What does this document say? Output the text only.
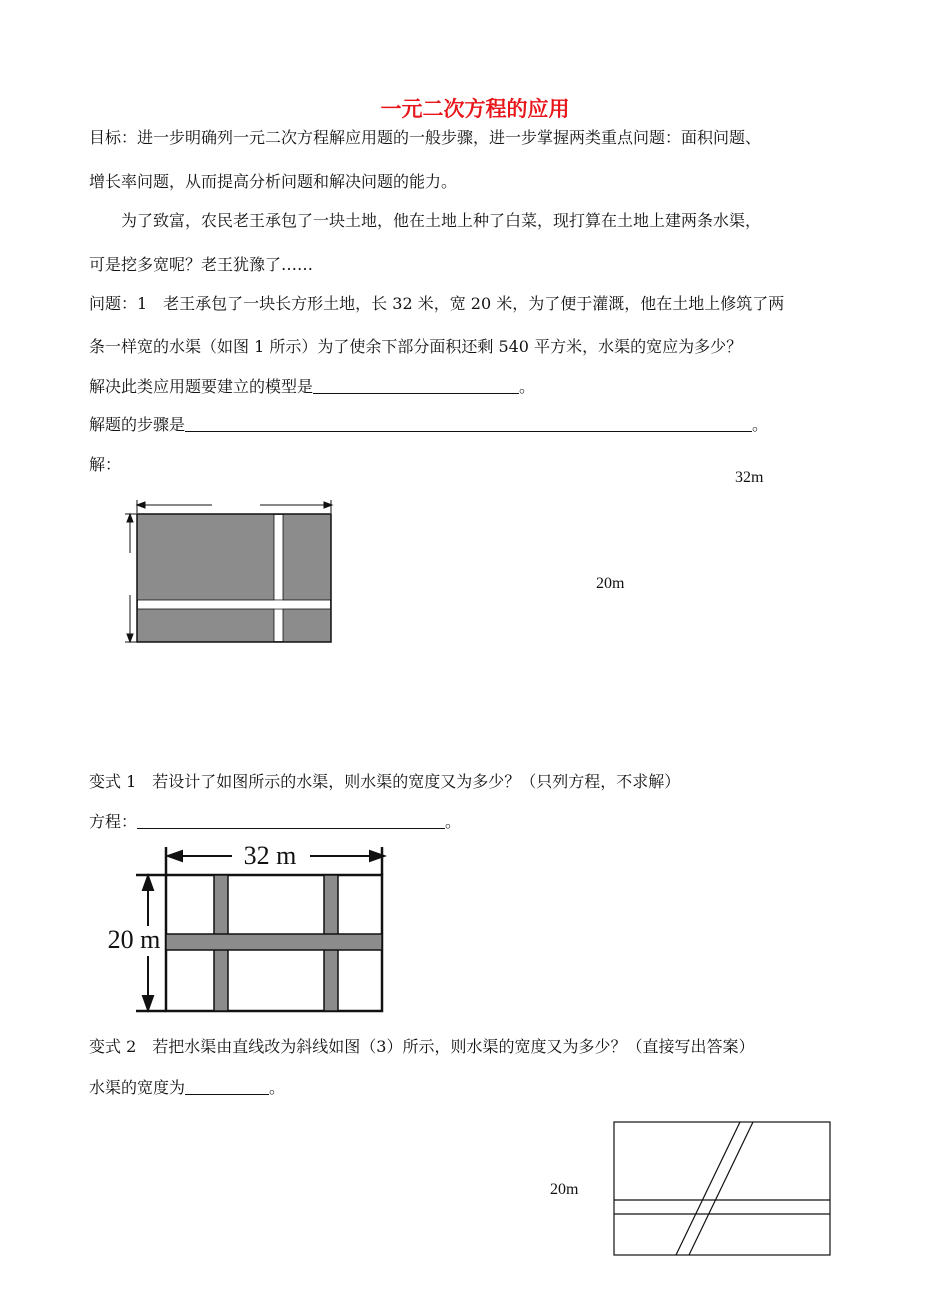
一元二次方程的应用
目标：进一步明确列一元二次方程解应用题的一般步骤，进一步掌握两类重点问题：面积问题、
增长率问题，从而提高分析问题和解决问题的能力。
为了致富，农民老王承包了一块土地，他在土地上种了白菜，现打算在土地上建两条水渠，
可是挖多宽呢？老王犹豫了……
问题：1　老王承包了一块长方形土地，长 32 米，宽 20 米，为了便于灌溉，他在土地上修筑了两
条一样宽的水渠（如图 1 所示）为了使余下部分面积还剩 540 平方米，水渠的宽应为多少？
解决此类应用题要建立的模型是	。
解题的步骤是	。
解：
32m
20m
变式 1　若设计了如图所示的水渠，则水渠的宽度又为多少？（只列方程，不求解）
方程：	。
32 m
20 m
变式 2　若把水渠由直线改为斜线如图（3）所示，则水渠的宽度又为多少？（直接写出答案）
水渠的宽度为	。
20m
